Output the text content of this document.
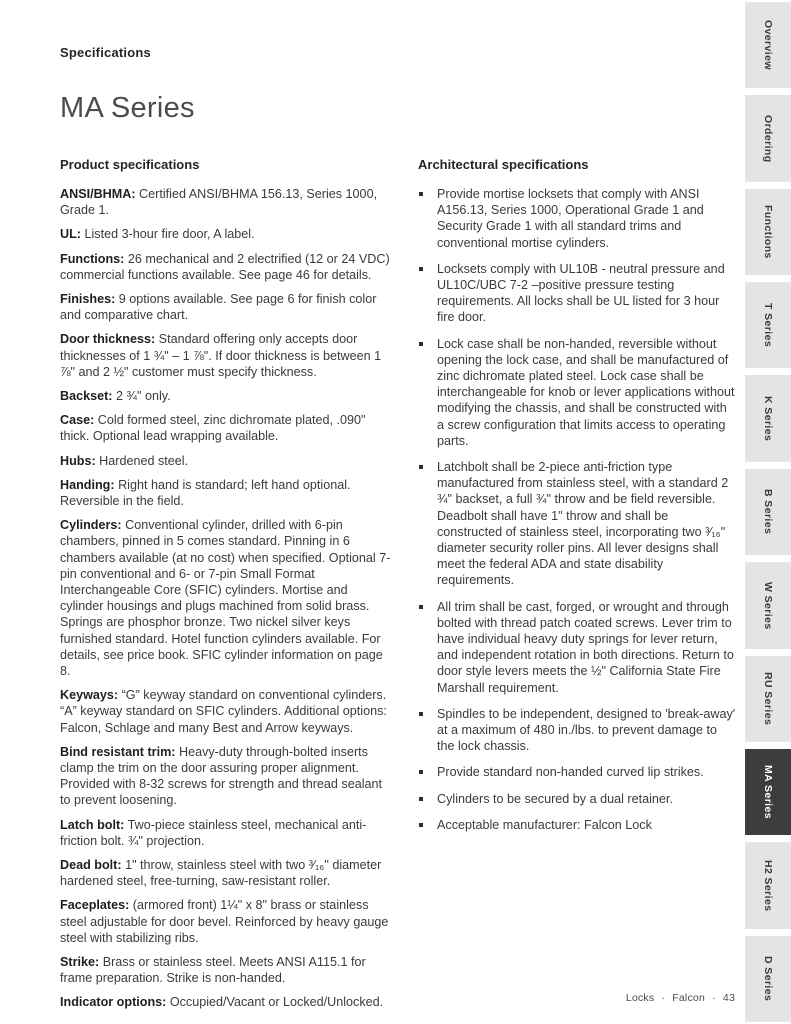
Specifications
MA Series
Product specifications

ANSI/BHMA: Certified ANSI/BHMA 156.13, Series 1000, Grade 1.

UL: Listed 3-hour fire door, A label.

Functions: 26 mechanical and 2 electrified (12 or 24 VDC) commercial functions available. See page 46 for details.

Finishes: 9 options available. See page 6 for finish color and comparative chart.

Door thickness: Standard offering only accepts door thicknesses of 1 ¾" – 1 ⅞". If door thickness is between 1 ⅞" and 2 ½" customer must specify thickness.

Backset: 2 ¾" only.

Case: Cold formed steel, zinc dichromate plated, .090" thick. Optional lead wrapping available.

Hubs: Hardened steel.

Handing: Right hand is standard; left hand optional. Reversible in the field.

Cylinders: Conventional cylinder, drilled with 6-pin chambers, pinned in 5 comes standard. Pinning in 6 chambers available (at no cost) when specified. Optional 7-pin conventional and 6- or 7-pin Small Format Interchangeable Core (SFIC) cylinders. Mortise and cylinder housings and plugs machined from solid brass. Springs are phosphor bronze. Two nickel silver keys furnished standard. Hotel function cylinders available. For details, see price book. SFIC cylinder information on page 8.

Keyways: “G” keyway standard on conventional cylinders. “A” keyway standard on SFIC cylinders. Additional options: Falcon, Schlage and many Best and Arrow keyways.

Bind resistant trim: Heavy-duty through-bolted inserts clamp the trim on the door assuring proper alignment. Provided with 8-32 screws for strength and thread sealant to prevent loosening.

Latch bolt: Two-piece stainless steel, mechanical anti-friction bolt. ¾" projection.

Dead bolt: 1" throw, stainless steel with two ³⁄₁₆" diameter hardened steel, free-turning, saw-resistant roller.

Faceplates: (armored front) 1¼" x 8" brass or stainless steel adjustable for door bevel. Reinforced by heavy gauge steel with stabilizing ribs.

Strike: Brass or stainless steel. Meets ANSI A115.1 for frame preparation. Strike is non-handed.

Indicator options: Occupied/Vacant or Locked/Unlocked.

Architectural specifications
Provide mortise locksets that comply with ANSI A156.13, Series 1000, Operational Grade 1 and Security Grade 1 with all standard trims and conventional mortise cylinders.
Locksets comply with UL10B - neutral pressure and UL10C/UBC 7-2 –positive pressure testing requirements. All locks shall be UL listed for 3 hour fire door.
Lock case shall be non-handed, reversible without opening the lock case, and shall be manufactured of zinc dichromate plated steel. Lock case shall be interchangeable for knob or lever applications without modifying the chassis, and shall be constructed with a screw configuration that limits access to operating parts.
Latchbolt shall be 2-piece anti-friction type manufactured from stainless steel, with a standard 2 ¾" backset, a full ¾" throw and be field reversible. Deadbolt shall have 1" throw and shall be constructed of stainless steel, incorporating two ³⁄₁₆" diameter security roller pins. All lever designs shall meet the federal ADA and state disability requirements.
All trim shall be cast, forged, or wrought and through bolted with thread patch coated screws. Lever trim to have individual heavy duty springs for lever return, and independent rotation in both directions. Return to door style levers meets the ½" California State Fire Marshall requirement.
Spindles to be independent, designed to 'break-away' at a maximum of 480 in./lbs. to prevent damage to the lock chassis.
Provide standard non-handed curved lip strikes.
Cylinders to be secured by a dual retainer.
Acceptable manufacturer: Falcon Lock
Locks · Falcon · 43
Overview
Ordering
Functions
T Series
K Series
B Series
W Series
RU Series
MA Series
H2 Series
D Series
